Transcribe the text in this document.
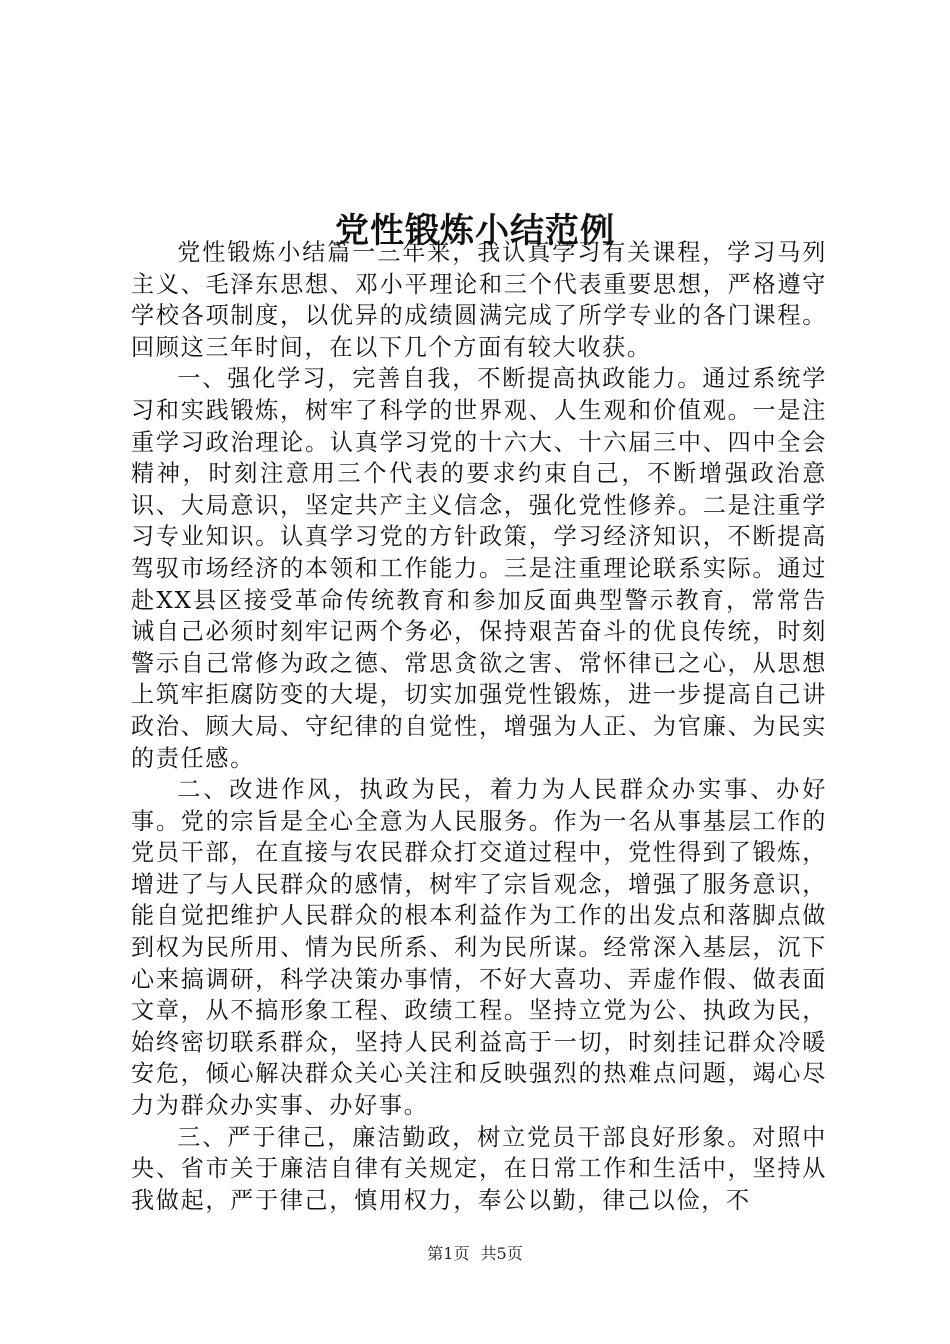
党性锻炼小结范例

党性锻炼小结篇一三年来，我认真学习有关课程，学习马列主义、毛泽东思想、邓小平理论和三个代表重要思想，严格遵守学校各项制度，以优异的成绩圆满完成了所学专业的各门课程。回顾这三年时间，在以下几个方面有较大收获。

一、强化学习，完善自我，不断提高执政能力。通过系统学习和实践锻炼，树牢了科学的世界观、人生观和价值观。一是注重学习政治理论。认真学习党的十六大、十六届三中、四中全会精神，时刻注意用三个代表的要求约束自己，不断增强政治意识、大局意识，坚定共产主义信念，强化党性修养。二是注重学习专业知识。认真学习党的方针政策，学习经济知识，不断提高驾驭市场经济的本领和工作能力。三是注重理论联系实际。通过赴XX县区接受革命传统教育和参加反面典型警示教育，常常告诫自己必须时刻牢记两个务必，保持艰苦奋斗的优良传统，时刻警示自己常修为政之德、常思贪欲之害、常怀律已之心，从思想上筑牢拒腐防变的大堤，切实加强党性锻炼，进一步提高自己讲政治、顾大局、守纪律的自觉性，增强为人正、为官廉、为民实的责任感。

二、改进作风，执政为民，着力为人民群众办实事、办好事。党的宗旨是全心全意为人民服务。作为一名从事基层工作的党员干部，在直接与农民群众打交道过程中，党性得到了锻炼，增进了与人民群众的感情，树牢了宗旨观念，增强了服务意识，能自觉把维护人民群众的根本利益作为工作的出发点和落脚点做到权为民所用、情为民所系、利为民所谋。经常深入基层，沉下心来搞调研，科学决策办事情，不好大喜功、弄虚作假、做表面文章，从不搞形象工程、政绩工程。坚持立党为公、执政为民，始终密切联系群众，坚持人民利益高于一切，时刻挂记群众冷暖安危，倾心解决群众关心关注和反映强烈的热难点问题，竭心尽力为群众办实事、办好事。

三、严于律己，廉洁勤政，树立党员干部良好形象。对照中央、省市关于廉洁自律有关规定，在日常工作和生活中，坚持从我做起，严于律己，慎用权力，奉公以勤，律己以俭，不

第1页 共5页
